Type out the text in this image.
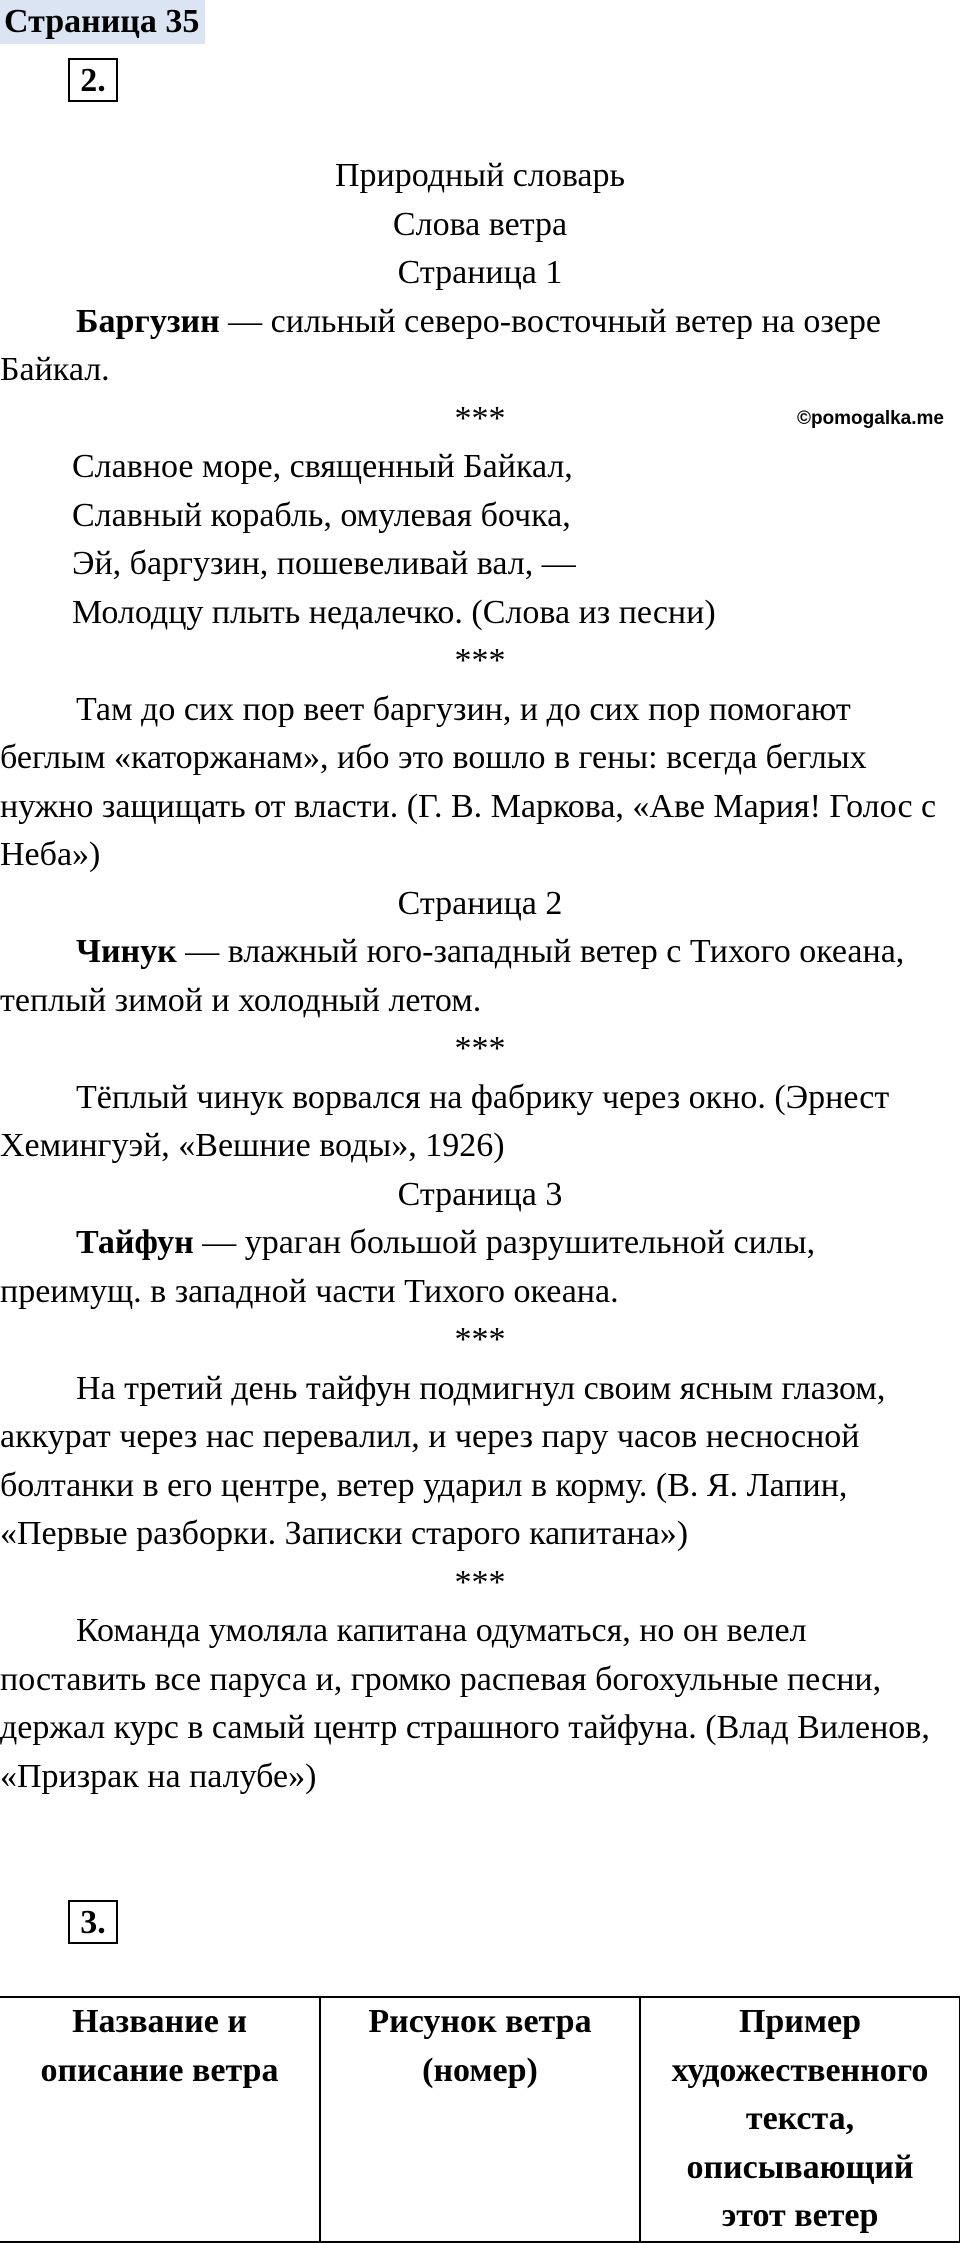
Страница 35
2.

Природный словарь

Слова ветра

Страница 1

Баргузин — сильный северо-восточный ветер на озере Байкал.

***	©pomogalka.me

Славное море, священный Байкал,

Славный корабль, омулевая бочка,

Эй, баргузин, пошевеливай вал, —

Молодцу плыть недалечко. (Слова из песни)

***

Там до сих пор веет баргузин, и до сих пор помогают беглым «каторжанам», ибо это вошло в гены: всегда беглых нужно защищать от власти. (Г. В. Маркова, «Аве Мария! Голос с Неба»)

Страница 2

Чинук — влажный юго-западный ветер с Тихого океана, теплый зимой и холодный летом.

***

Тёплый чинук ворвался на фабрику через окно. (Эрнест Хемингуэй, «Вешние воды», 1926)

Страница 3

Тайфун — ураган большой разрушительной силы, преимущ. в западной части Тихого океана.

***

На третий день тайфун подмигнул своим ясным глазом, аккурат через нас перевалил, и через пару часов несносной болтанки в его центре, ветер ударил в корму. (В. Я. Лапин, «Первые разборки. Записки старого капитана»)

***

Команда умоляла капитана одуматься, но он велел поставить все паруса и, громко распевая богохульные песни, держал курс в самый центр страшного тайфуна. (Влад Виленов, «Призрак на палубе»)

3.
Название и описание ветра	Рисунок ветра (номер)	Пример художественного текста, описывающий этот ветер
